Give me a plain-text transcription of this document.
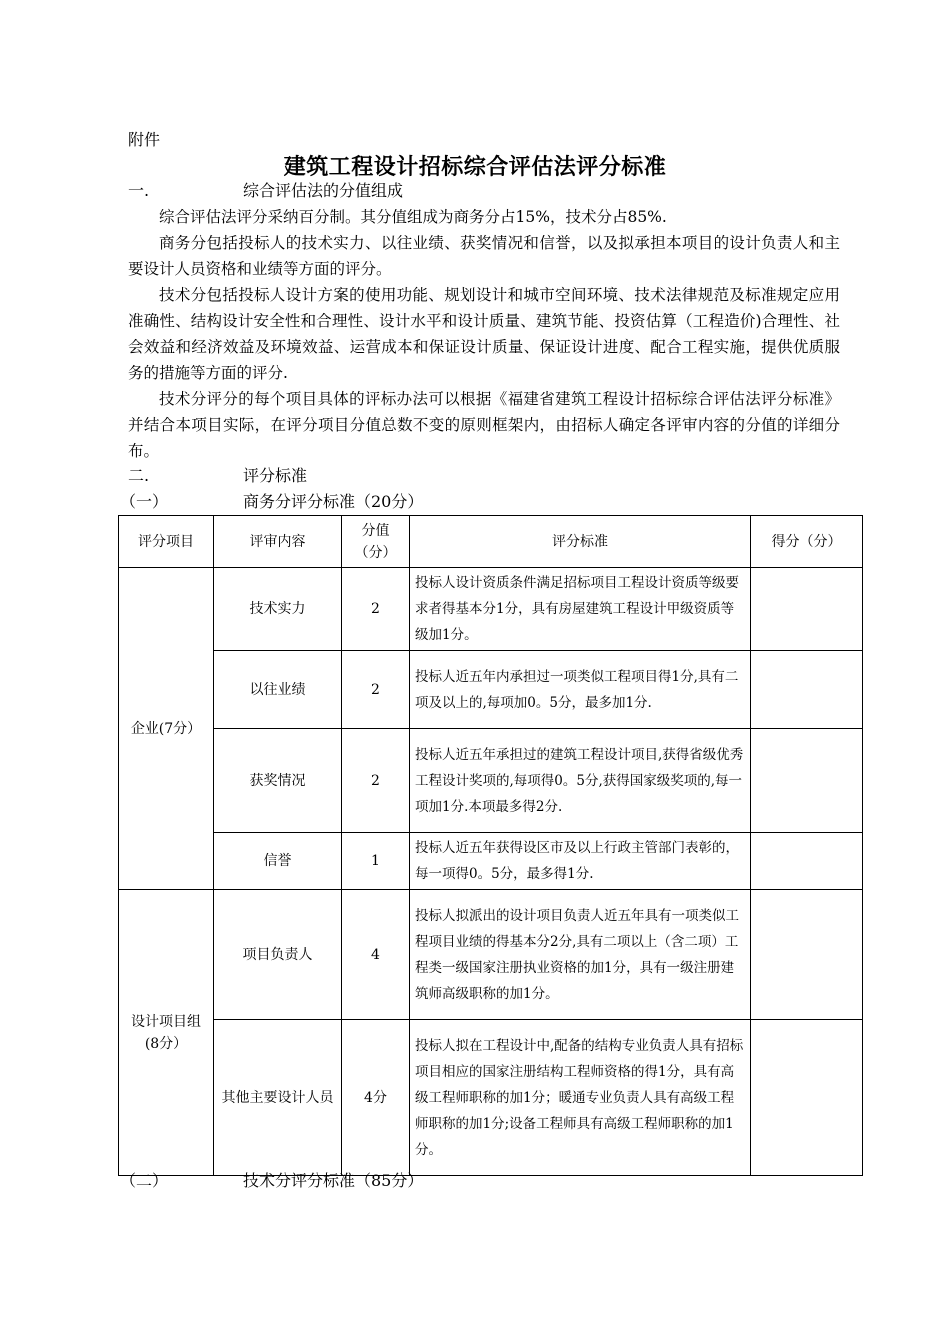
附件
建筑工程设计招标综合评估法评分标准
一.	综合评估法的分值组成
综合评估法评分采纳百分制。其分值组成为商务分占15%，技术分占85%.
商务分包括投标人的技术实力、以往业绩、获奖情况和信誉，以及拟承担本项目的设计负责人和主要设计人员资格和业绩等方面的评分。
技术分包括投标人设计方案的使用功能、规划设计和城市空间环境、技术法律规范及标准规定应用准确性、结构设计安全性和合理性、设计水平和设计质量、建筑节能、投资估算（工程造价)合理性、社会效益和经济效益及环境效益、运营成本和保证设计质量、保证设计进度、配合工程实施，提供优质服务的措施等方面的评分.
技术分评分的每个项目具体的评标办法可以根据《福建省建筑工程设计招标综合评估法评分标准》并结合本项目实际，在评分项目分值总数不变的原则框架内，由招标人确定各评审内容的分值的详细分布。
二.	评分标准
（一）	商务分评分标准（20分）
评分项目	评审内容	分值（分）	评分标准	得分（分）
企业(7分）	技术实力	2	投标人设计资质条件满足招标项目工程设计资质等级要求者得基本分1分，具有房屋建筑工程设计甲级资质等级加1分。	
	以往业绩	2	投标人近五年内承担过一项类似工程项目得1分,具有二项及以上的,每项加0。5分，最多加1分.	
	获奖情况	2	投标人近五年承担过的建筑工程设计项目,获得省级优秀工程设计奖项的,每项得0。5分,获得国家级奖项的,每一项加1分.本项最多得2分.	
	信誉	1	投标人近五年获得设区市及以上行政主管部门表彰的，每一项得0。5分，最多得1分.	
设计项目组(8分）	项目负责人	4	投标人拟派出的设计项目负责人近五年具有一项类似工程项目业绩的得基本分2分,具有二项以上（含二项）工程类一级国家注册执业资格的加1分，具有一级注册建筑师高级职称的加1分。	
	其他主要设计人员	4分	投标人拟在工程设计中,配备的结构专业负责人具有招标项目相应的国家注册结构工程师资格的得1分，具有高级工程师职称的加1分；暖通专业负责人具有高级工程师职称的加1分;设备工程师具有高级工程师职称的加1分。	
（二）	技术分评分标准（85分）
